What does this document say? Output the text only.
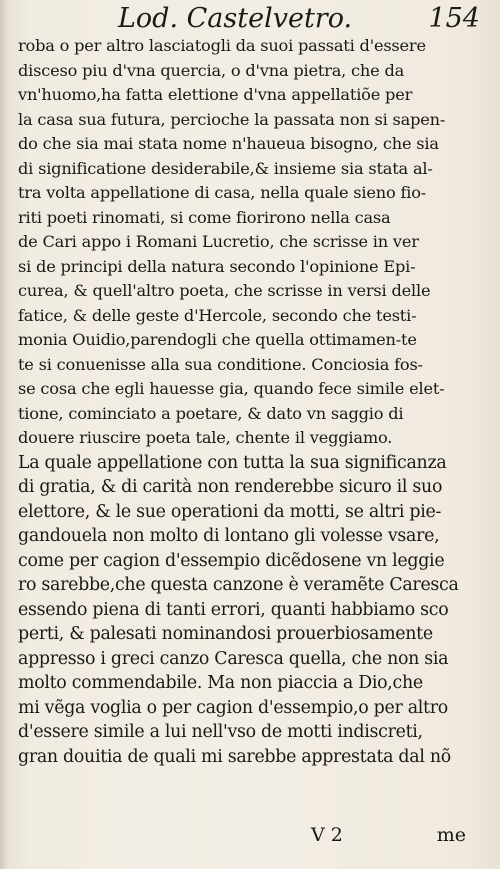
Lod. Castelvetro.	154
roba o per altro lasciatogli da suoi passati d'essere
disceso piu d'vna quercia, o d'vna pietra, che da
vn'huomo,ha fatta elettione d'vna appellatiõe per
la casa sua futura, percioche la passata non si sapen-
do che sia mai stata nome n'haueua bisogno, che sia
di significatione desiderabile,& insieme sia stata al-
tra volta appellatione di casa, nella quale sieno fio-
riti poeti rinomati, si come fiorirono nella casa
de Cari appo i Romani Lucretio, che scrisse in ver
si de principi della natura secondo l'opinione Epi-
curea, & quell'altro poeta, che scrisse in versi delle
fatice, & delle geste d'Hercole, secondo che testi-
monia Ouidio,parendogli che quella ottimamen-te
te si conuenisse alla sua conditione. Conciosia fos-
se cosa che egli hauesse gia, quando fece simile elet-
tione, cominciato a poetare, & dato vn saggio di
douere riuscire poeta tale, chente il veggiamo.
La quale appellatione con tutta la sua significanza
di gratia, & di carità non renderebbe sicuro il suo
elettore, & le sue operationi da motti, se altri pie-
gandouela non molto di lontano gli volesse vsare,
come per cagion d'essempio dicẽdosene vn leggie
ro sarebbe,che questa canzone è veramẽte Caresca
essendo piena di tanti errori, quanti habbiamo sco
perti, & palesati nominandosi prouerbiosamente
appresso i greci canzo Caresca quella, che non sia
molto commendabile. Ma non piaccia a Dio,che
mi vẽga voglia o per cagion d'essempio,o per altro
d'essere simile a lui nell'vso de motti indiscreti,
gran douitia de quali mi sarebbe apprestata dal nõ
V 2	me
